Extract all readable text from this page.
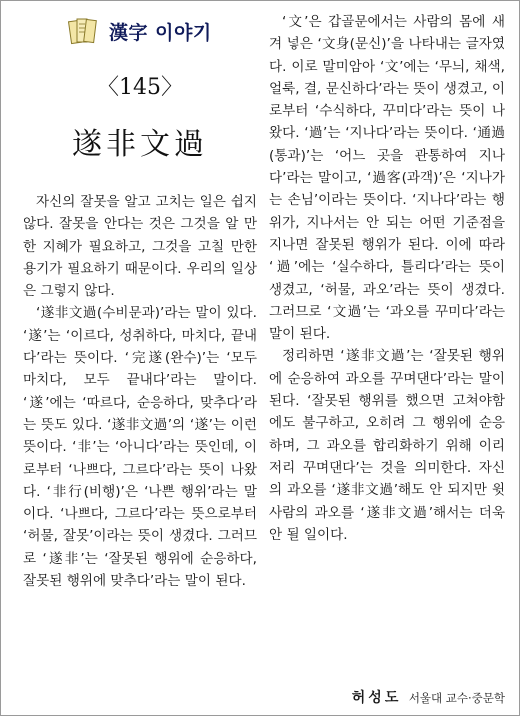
漢字 이야기
〈145〉
遂非文過

자신의 잘못을 알고 고치는 일은 쉽지 않다. 잘못을 안다는 것은 그것을 알 만한 지혜가 필요하고, 그것을 고칠 만한 용기가 필요하기 때문이다. 우리의 일상은 그렇지 않다.

‘遂非文過(수비문과)’라는 말이 있다. ‘遂’는 ‘이르다, 성취하다, 마치다, 끝내다’라는 뜻이다. ‘完遂(완수)’는 ‘모두 마치다, 모두 끝내다’라는 말이다. ‘遂’에는 ‘따르다, 순응하다, 맞추다’라는 뜻도 있다. ‘遂非文過’의 ‘遂’는 이런 뜻이다. ‘非’는 ‘아니다’라는 뜻인데, 이로부터 ‘나쁘다, 그르다’라는 뜻이 나왔다. ‘非行(비행)’은 ‘나쁜 행위’라는 말이다. ‘나쁘다, 그르다’라는 뜻으로부터 ‘허물, 잘못’이라는 뜻이 생겼다. 그러므로 ‘遂非’는 ‘잘못된 행위에 순응하다, 잘못된 행위에 맞추다’라는 말이 된다.

‘文’은 갑골문에서는 사람의 몸에 새겨 넣은 ‘文身(문신)’을 나타내는 글자였다. 이로 말미암아 ‘文’에는 ‘무늬, 채색, 얼룩, 결, 문신하다’라는 뜻이 생겼고, 이로부터 ‘수식하다, 꾸미다’라는 뜻이 나왔다. ‘過’는 ‘지나다’라는 뜻이다. ‘通過(통과)’는 ‘어느 곳을 관통하여 지나다’라는 말이고, ‘過客(과객)’은 ‘지나가는 손님’이라는 뜻이다. ‘지나다’라는 행위가, 지나서는 안 되는 어떤 기준점을 지나면 잘못된 행위가 된다. 이에 따라 ‘過’에는 ‘실수하다, 틀리다’라는 뜻이 생겼고, ‘허물, 과오’라는 뜻이 생겼다. 그러므로 ‘文過’는 ‘과오를 꾸미다’라는 말이 된다.

정리하면 ‘遂非文過’는 ‘잘못된 행위에 순응하여 과오를 꾸며댄다’라는 말이 된다. ‘잘못된 행위를 했으면 고쳐야함에도 불구하고, 오히려 그 행위에 순응하며, 그 과오를 합리화하기 위해 이리저리 꾸며댄다’는 것을 의미한다. 자신의 과오를 ‘遂非文過’해도 안 되지만 윗사람의 과오를 ‘遂非文過’해서는 더욱 안 될 일이다.

허성도 서울대 교수·중문학
